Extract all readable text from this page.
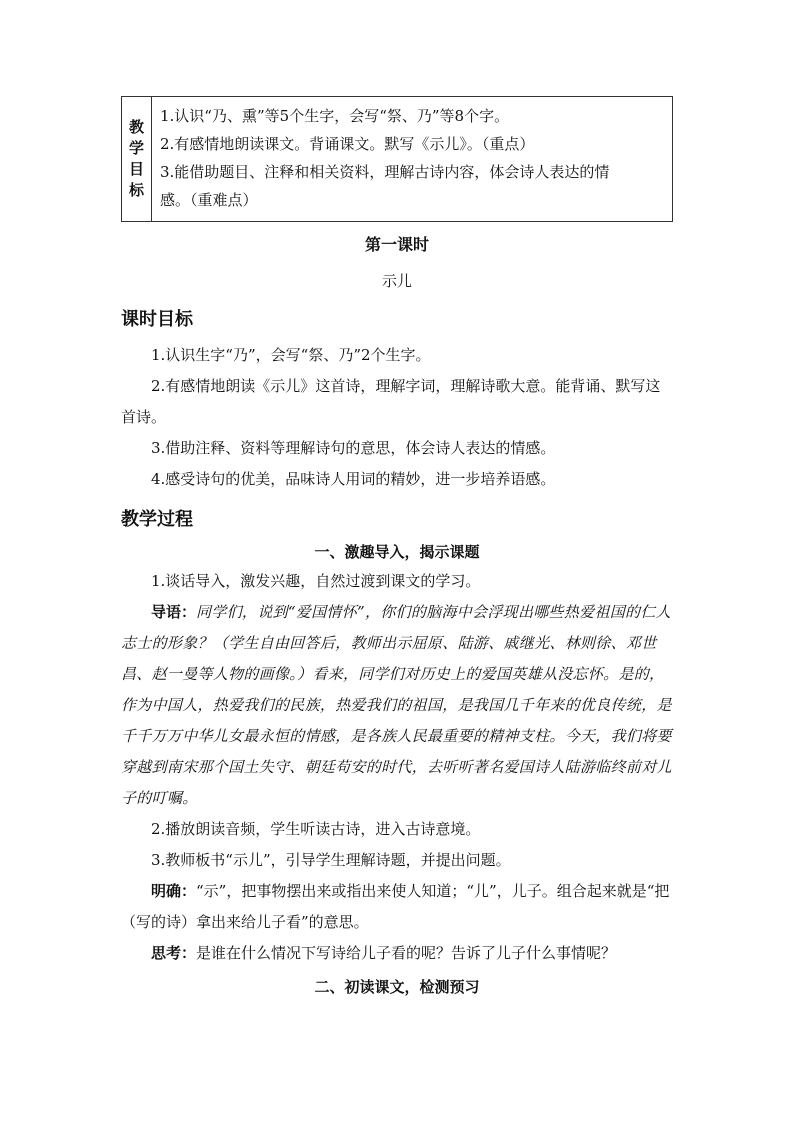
教
学
目
标
1.认识“乃、熏”等5个生字，会写“祭、乃”等8个字。
2.有感情地朗读课文。背诵课文。默写《示儿》。（重点）
3.能借助题目、注释和相关资料，理解古诗内容，体会诗人表达的情
感。（重难点）
第一课时
示儿
课时目标
1.认识生字“乃”，会写“祭、乃”2个生字。
2.有感情地朗读《示儿》这首诗，理解字词，理解诗歌大意。能背诵、默写这首诗。
3.借助注释、资料等理解诗句的意思，体会诗人表达的情感。
4.感受诗句的优美，品味诗人用词的精妙，进一步培养语感。
教学过程
一、激趣导入，揭示课题
1.谈话导入，激发兴趣，自然过渡到课文的学习。
导语：同学们，说到“爱国情怀”，你们的脑海中会浮现出哪些热爱祖国的仁人志士的形象？（学生自由回答后，教师出示屈原、陆游、戚继光、林则徐、邓世昌、赵一曼等人物的画像。）看来，同学们对历史上的爱国英雄从没忘怀。是的，作为中国人，热爱我们的民族，热爱我们的祖国，是我国几千年来的优良传统，是千千万万中华儿女最永恒的情感，是各族人民最重要的精神支柱。今天，我们将要穿越到南宋那个国土失守、朝廷苟安的时代，去听听著名爱国诗人陆游临终前对儿子的叮嘱。
2.播放朗读音频，学生听读古诗，进入古诗意境。
3.教师板书“示儿”，引导学生理解诗题，并提出问题。
明确：“示”，把事物摆出来或指出来使人知道；“儿”，儿子。组合起来就是“把（写的诗）拿出来给儿子看”的意思。
思考：是谁在什么情况下写诗给儿子看的呢？告诉了儿子什么事情呢？
二、初读课文，检测预习
